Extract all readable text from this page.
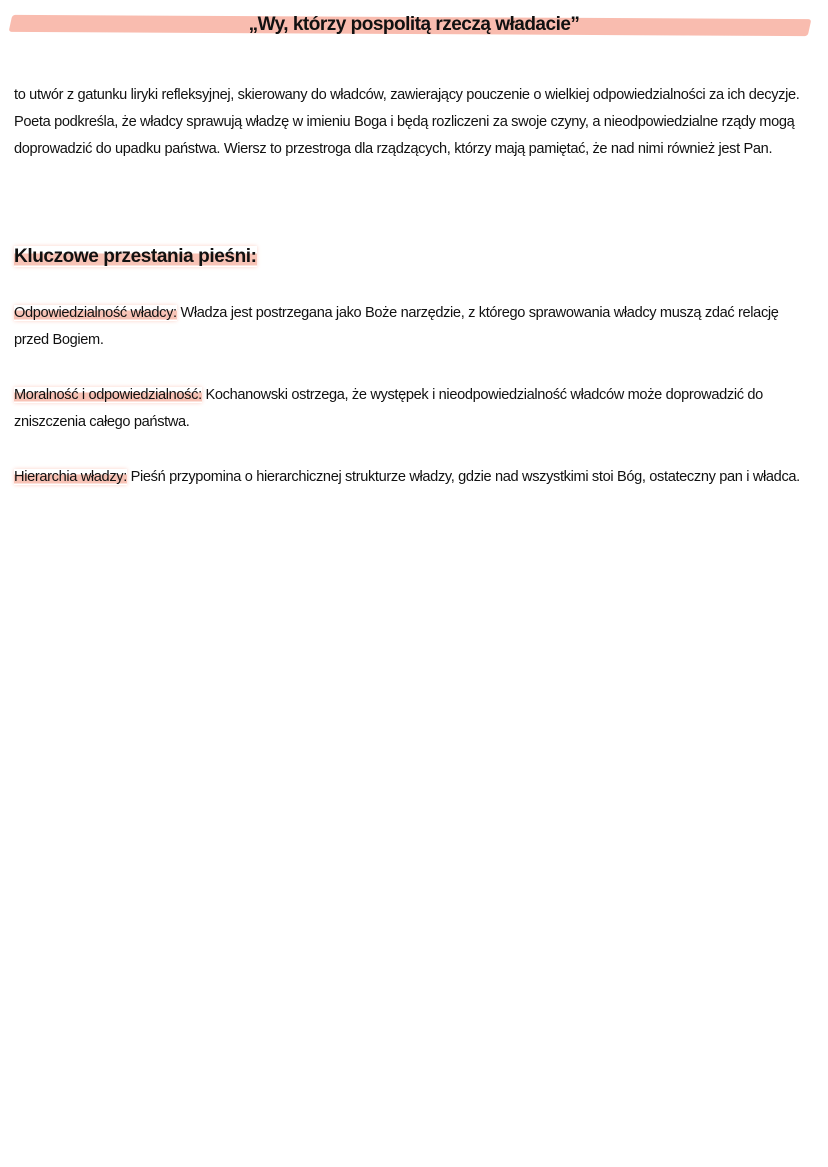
„Wy, którzy pospolitą rzeczą władacie”
to utwór z gatunku liryki refleksyjnej, skierowany do władców, zawierający pouczenie o wielkiej odpowiedzialności za ich decyzje. Poeta podkreśla, że władcy sprawują władzę w imieniu Boga i będą rozliczeni za swoje czyny, a nieodpowiedzialne rządy mogą doprowadzić do upadku państwa. Wiersz to przestroga dla rządzących, którzy mają pamiętać, że nad nimi również jest Pan.
Kluczowe przestania pieśni:
Odpowiedzialność władcy: Władza jest postrzegana jako Boże narzędzie, z którego sprawowania władcy muszą zdać relację przed Bogiem.
Moralność i odpowiedzialność: Kochanowski ostrzega, że występek i nieodpowiedzialność władców może doprowadzić do zniszczenia całego państwa.
Hierarchia władzy: Pieśń przypomina o hierarchicznej strukturze władzy, gdzie nad wszystkimi stoi Bóg, ostateczny pan i władca.
